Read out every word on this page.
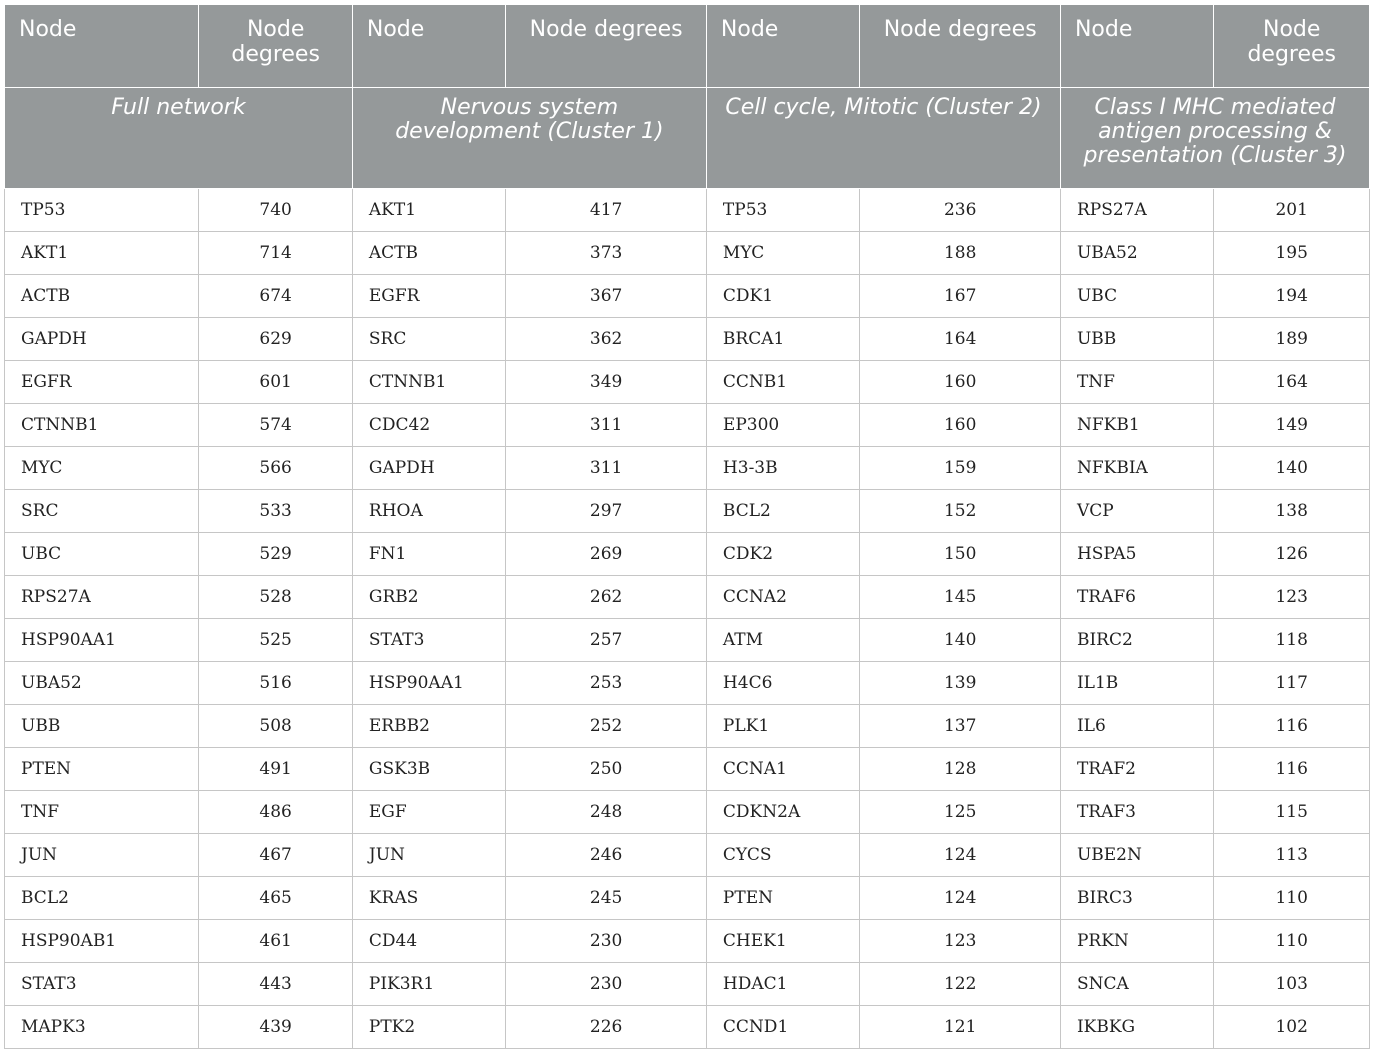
Node	Node degrees	Node	Node degrees	Node	Node degrees	Node	Node degrees
Full network		Nervous system development (Cluster 1)		Cell cycle, Mitotic (Cluster 2)		Class I MHC mediated antigen processing & presentation (Cluster 3)	
TP53	740	AKT1	417	TP53	236	RPS27A	201
AKT1	714	ACTB	373	MYC	188	UBA52	195
ACTB	674	EGFR	367	CDK1	167	UBC	194
GAPDH	629	SRC	362	BRCA1	164	UBB	189
EGFR	601	CTNNB1	349	CCNB1	160	TNF	164
CTNNB1	574	CDC42	311	EP300	160	NFKB1	149
MYC	566	GAPDH	311	H3-3B	159	NFKBIA	140
SRC	533	RHOA	297	BCL2	152	VCP	138
UBC	529	FN1	269	CDK2	150	HSPA5	126
RPS27A	528	GRB2	262	CCNA2	145	TRAF6	123
HSP90AA1	525	STAT3	257	ATM	140	BIRC2	118
UBA52	516	HSP90AA1	253	H4C6	139	IL1B	117
UBB	508	ERBB2	252	PLK1	137	IL6	116
PTEN	491	GSK3B	250	CCNA1	128	TRAF2	116
TNF	486	EGF	248	CDKN2A	125	TRAF3	115
JUN	467	JUN	246	CYCS	124	UBE2N	113
BCL2	465	KRAS	245	PTEN	124	BIRC3	110
HSP90AB1	461	CD44	230	CHEK1	123	PRKN	110
STAT3	443	PIK3R1	230	HDAC1	122	SNCA	103
MAPK3	439	PTK2	226	CCND1	121	IKBKG	102
